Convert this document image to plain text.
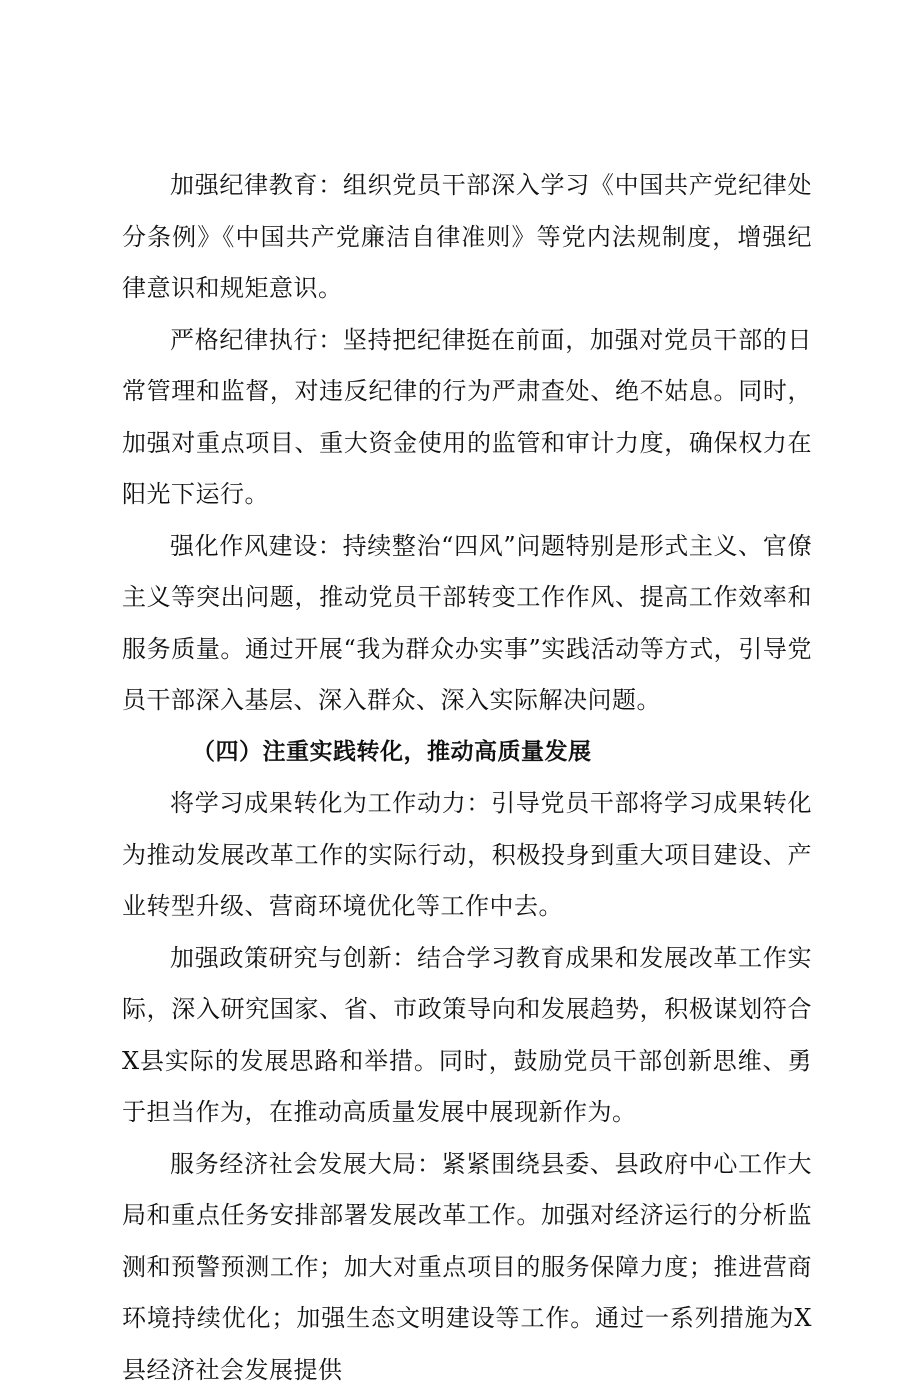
加强纪律教育：组织党员干部深入学习《中国共产党纪律处分条例》《中国共产党廉洁自律准则》等党内法规制度，增强纪律意识和规矩意识。

严格纪律执行：坚持把纪律挺在前面，加强对党员干部的日常管理和监督，对违反纪律的行为严肃查处、绝不姑息。同时，加强对重点项目、重大资金使用的监管和审计力度，确保权力在阳光下运行。

强化作风建设：持续整治“四风”问题特别是形式主义、官僚主义等突出问题，推动党员干部转变工作作风、提高工作效率和服务质量。通过开展“我为群众办实事”实践活动等方式，引导党员干部深入基层、深入群众、深入实际解决问题。

（四）注重实践转化，推动高质量发展

将学习成果转化为工作动力：引导党员干部将学习成果转化为推动发展改革工作的实际行动，积极投身到重大项目建设、产业转型升级、营商环境优化等工作中去。

加强政策研究与创新：结合学习教育成果和发展改革工作实际，深入研究国家、省、市政策导向和发展趋势，积极谋划符合X县实际的发展思路和举措。同时，鼓励党员干部创新思维、勇于担当作为，在推动高质量发展中展现新作为。

服务经济社会发展大局：紧紧围绕县委、县政府中心工作大局和重点任务安排部署发展改革工作。加强对经济运行的分析监测和预警预测工作；加大对重点项目的服务保障力度；推进营商环境持续优化；加强生态文明建设等工作。通过一系列措施为X县经济社会发展提供
